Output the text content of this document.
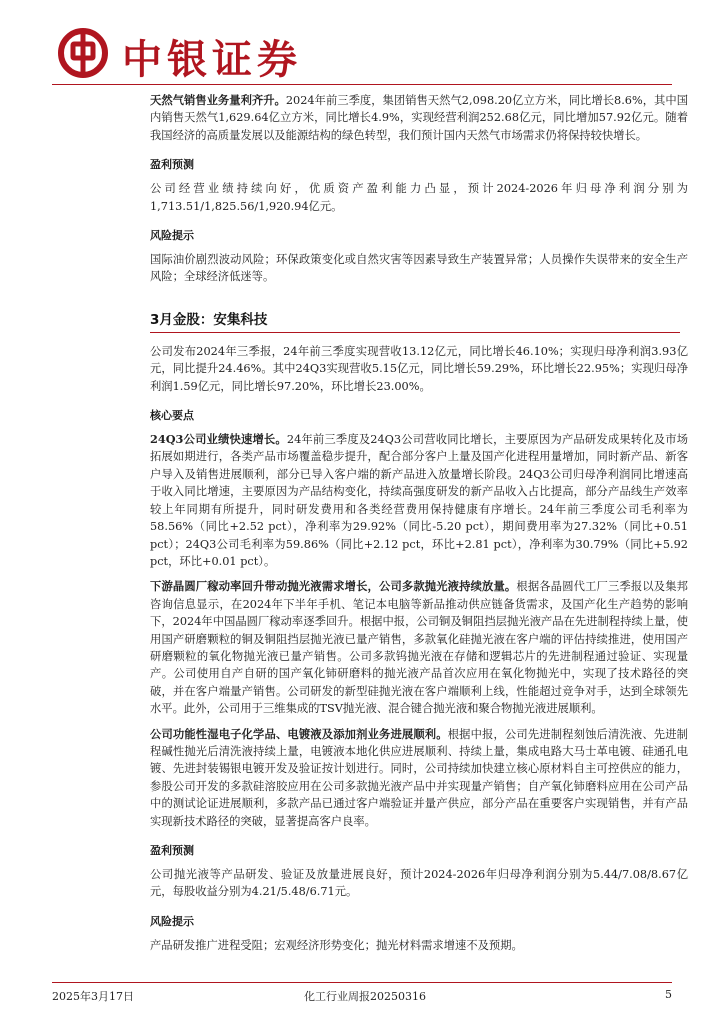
中银证券

天然气销售业务量利齐升。2024年前三季度，集团销售天然气2,098.20亿立方米，同比增长8.6%，其中国内销售天然气1,629.64亿立方米，同比增长4.9%，实现经营利润252.68亿元，同比增加57.92亿元。随着我国经济的高质量发展以及能源结构的绿色转型，我们预计国内天然气市场需求仍将保持较快增长。

盈利预测

公司经营业绩持续向好，优质资产盈利能力凸显，预计2024-2026年归母净利润分别为1,713.51/1,825.56/1,920.94亿元。

风险提示

国际油价剧烈波动风险；环保政策变化或自然灾害等因素导致生产装置异常；人员操作失误带来的安全生产风险；全球经济低迷等。

3月金股：安集科技

公司发布2024年三季报，24年前三季度实现营收13.12亿元，同比增长46.10%；实现归母净利润3.93亿元，同比提升24.46%。其中24Q3实现营收5.15亿元，同比增长59.29%，环比增长22.95%；实现归母净利润1.59亿元，同比增长97.20%，环比增长23.00%。

核心要点

24Q3公司业绩快速增长。24年前三季度及24Q3公司营收同比增长，主要原因为产品研发成果转化及市场拓展如期进行，各类产品市场覆盖稳步提升，配合部分客户上量及国产化进程用量增加，同时新产品、新客户导入及销售进展顺利，部分已导入客户端的新产品进入放量增长阶段。24Q3公司归母净利润同比增速高于收入同比增速，主要原因为产品结构变化，持续高强度研发的新产品收入占比提高，部分产品线生产效率较上年同期有所提升，同时研发费用和各类经营费用保持健康有序增长。24年前三季度公司毛利率为58.56%（同比+2.52 pct），净利率为29.92%（同比-5.20 pct），期间费用率为27.32%（同比+0.51 pct）；24Q3公司毛利率为59.86%（同比+2.12 pct，环比+2.81 pct），净利率为30.79%（同比+5.92 pct，环比+0.01 pct）。

下游晶圆厂稼动率回升带动抛光液需求增长，公司多款抛光液持续放量。根据各晶圆代工厂三季报以及集邦咨询信息显示，在2024年下半年手机、笔记本电脑等新品推动供应链备货需求，及国产化生产趋势的影响下，2024年中国晶圆厂稼动率逐季回升。根据中报，公司铜及铜阻挡层抛光液产品在先进制程持续上量，使用国产研磨颗粒的铜及铜阻挡层抛光液已量产销售，多款氧化硅抛光液在客户端的评估持续推进，使用国产研磨颗粒的氧化物抛光液已量产销售。公司多款钨抛光液在存储和逻辑芯片的先进制程通过验证、实现量产。公司使用自产自研的国产氧化铈研磨料的抛光液产品首次应用在氧化物抛光中，实现了技术路径的突破，并在客户端量产销售。公司研发的新型硅抛光液在客户端顺利上线，性能超过竞争对手，达到全球领先水平。此外，公司用于三维集成的TSV抛光液、混合键合抛光液和聚合物抛光液进展顺利。

公司功能性湿电子化学品、电镀液及添加剂业务进展顺利。根据中报，公司先进制程刻蚀后清洗液、先进制程碱性抛光后清洗液持续上量，电镀液本地化供应进展顺利、持续上量，集成电路大马士革电镀、硅通孔电镀、先进封装锡银电镀开发及验证按计划进行。同时，公司持续加快建立核心原材料自主可控供应的能力，参股公司开发的多款硅溶胶应用在公司多款抛光液产品中并实现量产销售；自产氧化铈磨料应用在公司产品中的测试论证进展顺利，多款产品已通过客户端验证并量产供应，部分产品在重要客户实现销售，并有产品实现新技术路径的突破，显著提高客户良率。

盈利预测

公司抛光液等产品研发、验证及放量进展良好，预计2024-2026年归母净利润分别为5.44/7.08/8.67亿元，每股收益分别为4.21/5.48/6.71元。

风险提示

产品研发推广进程受阻；宏观经济形势变化；抛光材料需求增速不及预期。

2025年3月17日	化工行业周报20250316	5
